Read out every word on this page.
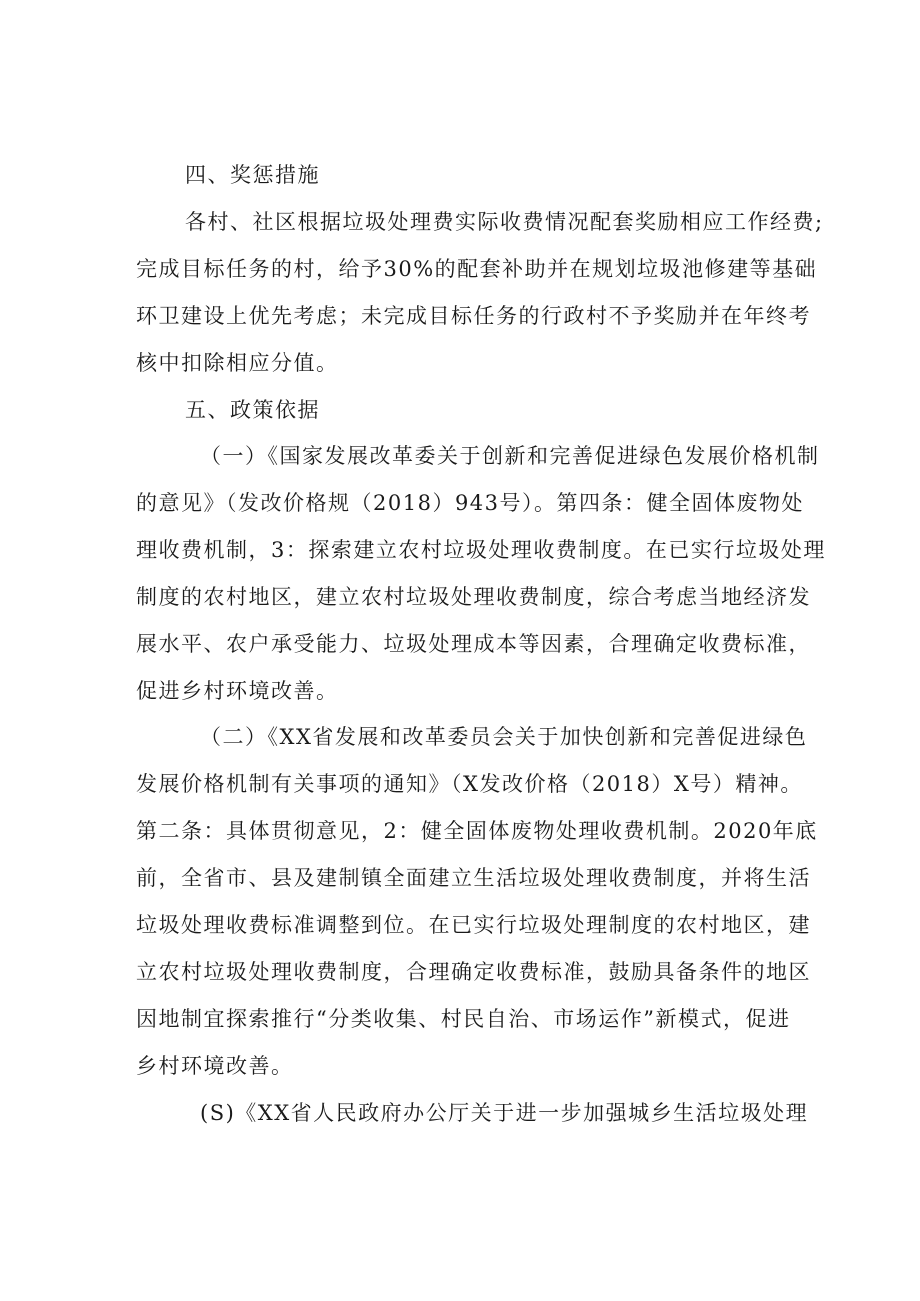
四、奖惩措施
各村、社区根据垃圾处理费实际收费情况配套奖励相应工作经费;
完成目标任务的村，给予30%的配套补助并在规划垃圾池修建等基础
环卫建设上优先考虑；未完成目标任务的行政村不予奖励并在年终考
核中扣除相应分值。
五、政策依据
（一）《国家发展改革委关于创新和完善促进绿色发展价格机制
的意见》（发改价格规（2018）943号）。第四条：健全固体废物处
理收费机制，3：探索建立农村垃圾处理收费制度。在已实行垃圾处理
制度的农村地区，建立农村垃圾处理收费制度，综合考虑当地经济发
展水平、农户承受能力、垃圾处理成本等因素，合理确定收费标准，
促进乡村环境改善。
（二）《XX省发展和改革委员会关于加快创新和完善促进绿色
发展价格机制有关事项的通知》（X发改价格（2018）X号）精神。
第二条：具体贯彻意见，2：健全固体废物处理收费机制。2020年底
前，全省市、县及建制镇全面建立生活垃圾处理收费制度，并将生活
垃圾处理收费标准调整到位。在已实行垃圾处理制度的农村地区，建
立农村垃圾处理收费制度，合理确定收费标准，鼓励具备条件的地区
因地制宜探索推行“分类收集、村民自治、市场运作”新模式，促进
乡村环境改善。
(S)《XX省人民政府办公厅关于进一步加强城乡生活垃圾处理
